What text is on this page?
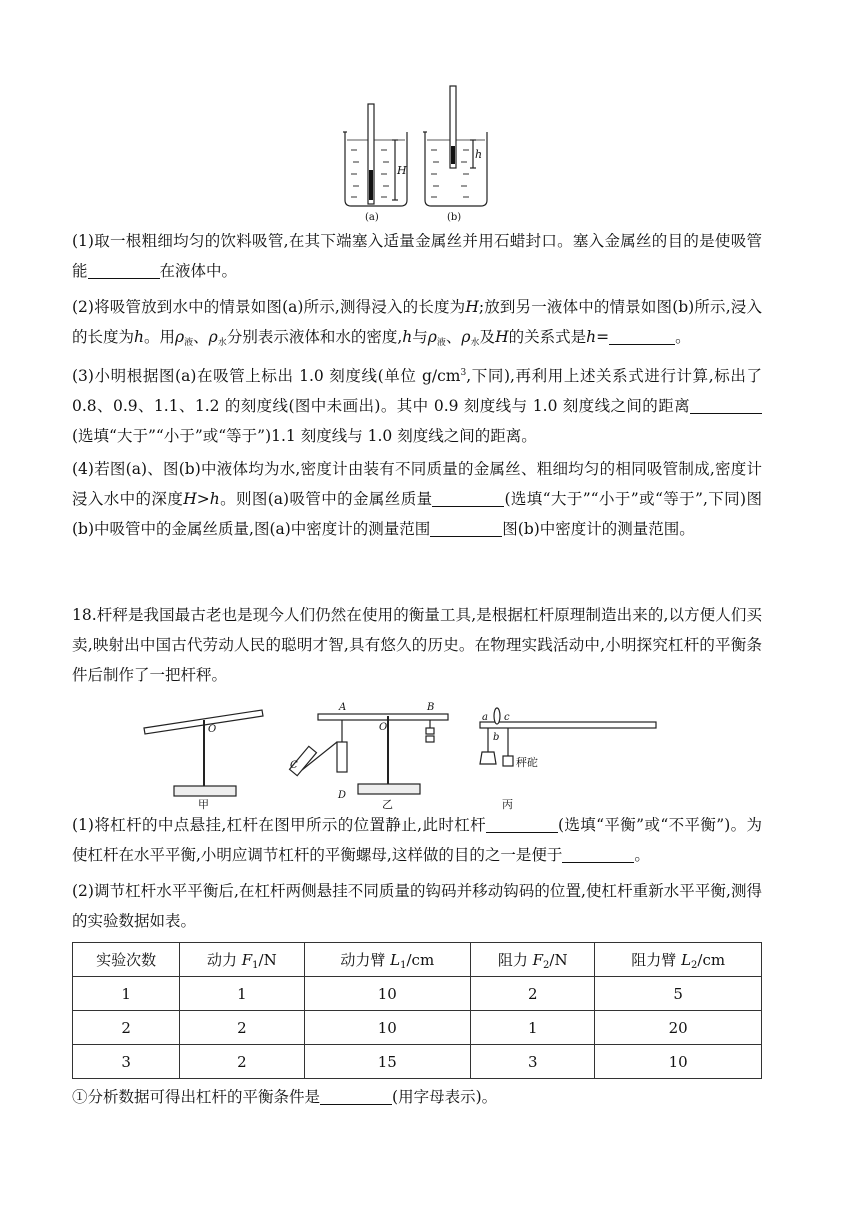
H
(a)
h
(b)

(1)取一根粗细均匀的饮料吸管,在其下端塞入适量金属丝并用石蜡封口。塞入金属丝的目的是使吸管能	在液体中。

(2)将吸管放到水中的情景如图(a)所示,测得浸入的长度为H;放到另一液体中的情景如图(b)所示,浸入的长度为h。用ρ液、ρ水分别表示液体和水的密度,h与ρ液、ρ水及H的关系式是h=	。

(3)小明根据图(a)在吸管上标出 1.0 刻度线(单位 $g/cm^3$,下同),再利用上述关系式进行计算,标出了 0.8、0.9、1.1、1.2 的刻度线(图中未画出)。其中 0.9 刻度线与 1.0 刻度线之间的距离(选填“大于”“小于”或“等于”)1.1 刻度线与 1.0 刻度线之间的距离。

(4)若图(a)、图(b)中液体均为水,密度计由装有不同质量的金属丝、粗细均匀的相同吸管制成,密度计浸入水中的深度H>h。则图(a)吸管中的金属丝质量	(选填“大于”“小于”或“等于”,下同)图(b)中吸管中的金属丝质量,图(a)中密度计的测量范围	图(b)中密度计的测量范围。

18.杆秤是我国最古老也是现今人们仍然在使用的衡量工具,是根据杠杆原理制造出来的,以方便人们买卖,映射出中国古代劳动人民的聪明才智,具有悠久的历史。在物理实践活动中,小明探究杠杆的平衡条件后制作了一把杆秤。

O
甲
A	B
O
C
D
乙
a
b
c
秤砣
丙

(1)将杠杆的中点悬挂,杠杆在图甲所示的位置静止,此时杠杆	(选填“平衡”或“不平衡”)。为使杠杆在水平平衡,小明应调节杠杆的平衡螺母,这样做的目的之一是便于	。

(2)调节杠杆水平平衡后,在杠杆两侧悬挂不同质量的钩码并移动钩码的位置,使杠杆重新水平平衡,测得的实验数据如表。

实验次数	动力 $F_1/N$	动力臂 $L_1/cm$	阻力 $F_2/N$	阻力臂 $L_2/cm$
1	1	10	2	5
2	2	10	1	20
3	2	15	3	10

①分析数据可得出杠杆的平衡条件是	(用字母表示)。
